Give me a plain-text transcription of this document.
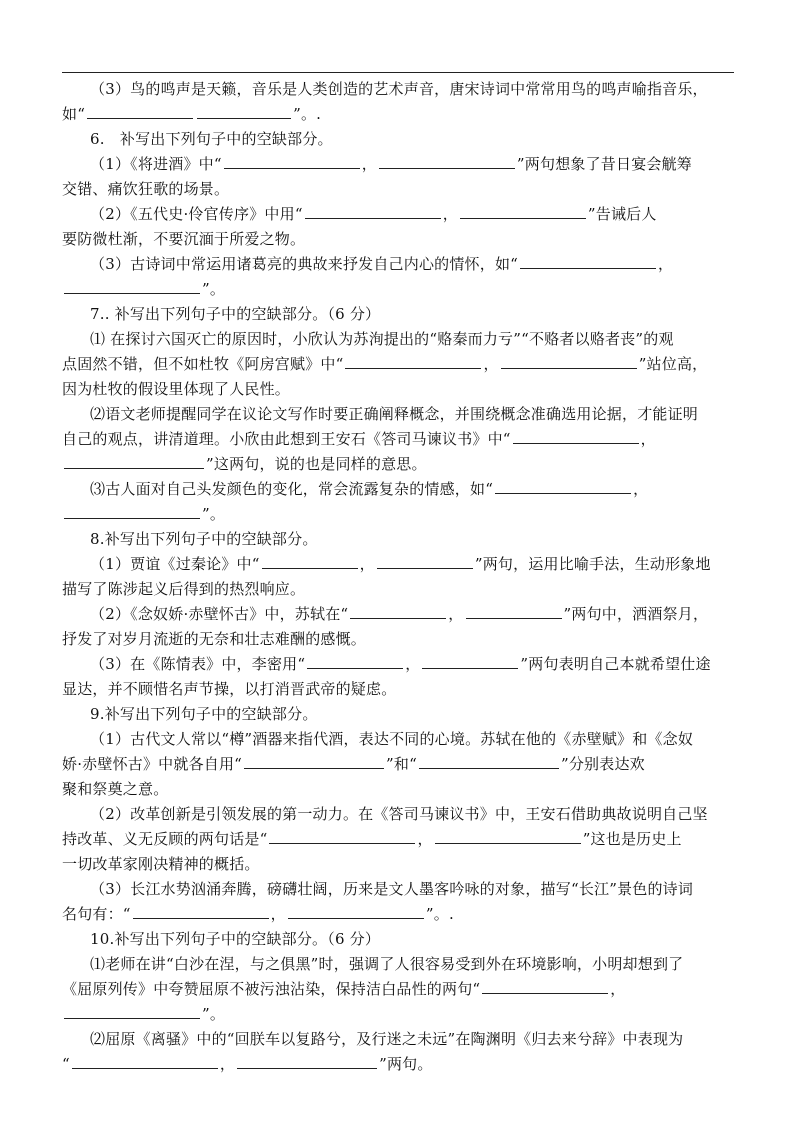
（3）鸟的鸣声是天籁，音乐是人类创造的艺术声音，唐宋诗词中常常用鸟的鸣声喻指音乐，
如“	”。.
6.　补写出下列句子中的空缺部分。
（1）《将进酒》中“	，	”两句想象了昔日宴会觥筹
交错、痛饮狂歌的场景。
（2）《五代史·伶官传序》中用“	，	”告诫后人
要防微杜渐，不要沉湎于所爱之物。
（3）古诗词中常运用诸葛亮的典故来抒发自己内心的情怀，如“	，
”。
7.. 补写出下列句子中的空缺部分。（6 分）
⑴ 在探讨六国灭亡的原因时，小欣认为苏洵提出的“赂秦而力亏”“不赂者以赂者丧”的观
点固然不错，但不如杜牧《阿房宫赋》中“	，	”站位高，
因为杜牧的假设里体现了人民性。
⑵语文老师提醒同学在议论文写作时要正确阐释概念，并围绕概念准确选用论据，才能证明
自己的观点，讲清道理。小欣由此想到王安石《答司马谏议书》中“	，
”这两句，说的也是同样的意思。
⑶古人面对自己头发颜色的变化，常会流露复杂的情感，如“	，
”。
8.补写出下列句子中的空缺部分。
（1）贾谊《过秦论》中“	，	”两句，运用比喻手法，生动形象地
描写了陈涉起义后得到的热烈响应。
（2）《念奴娇·赤壁怀古》中，苏轼在“	，	”两句中，洒酒祭月，
抒发了对岁月流逝的无奈和壮志难酬的感慨。
（3）在《陈情表》中，李密用“	，	”两句表明自己本就希望仕途
显达，并不顾惜名声节操，以打消晋武帝的疑虑。
9.补写出下列句子中的空缺部分。
（1）古代文人常以“樽”酒器来指代酒，表达不同的心境。苏轼在他的《赤壁赋》和《念奴
娇·赤壁怀古》中就各自用“	”和“	”分别表达欢
聚和祭奠之意。
（2）改革创新是引领发展的第一动力。在《答司马谏议书》中，王安石借助典故说明自己坚
持改革、义无反顾的两句话是“	，	”这也是历史上
一切改革家刚决精神的概括。
（3）长江水势汹涌奔腾，磅礴壮阔，历来是文人墨客吟咏的对象，描写“长江”景色的诗词
名句有：“	，	”。.
10.补写出下列句子中的空缺部分。（6 分）
⑴老师在讲“白沙在涅，与之俱黑”时，强调了人很容易受到外在环境影响，小明却想到了
《屈原列传》中夸赞屈原不被污浊沾染，保持洁白品性的两句“	，
”。
⑵屈原《离骚》中的“回朕车以复路兮，及行迷之未远”在陶渊明《归去来兮辞》中表现为
“	，	”两句。
